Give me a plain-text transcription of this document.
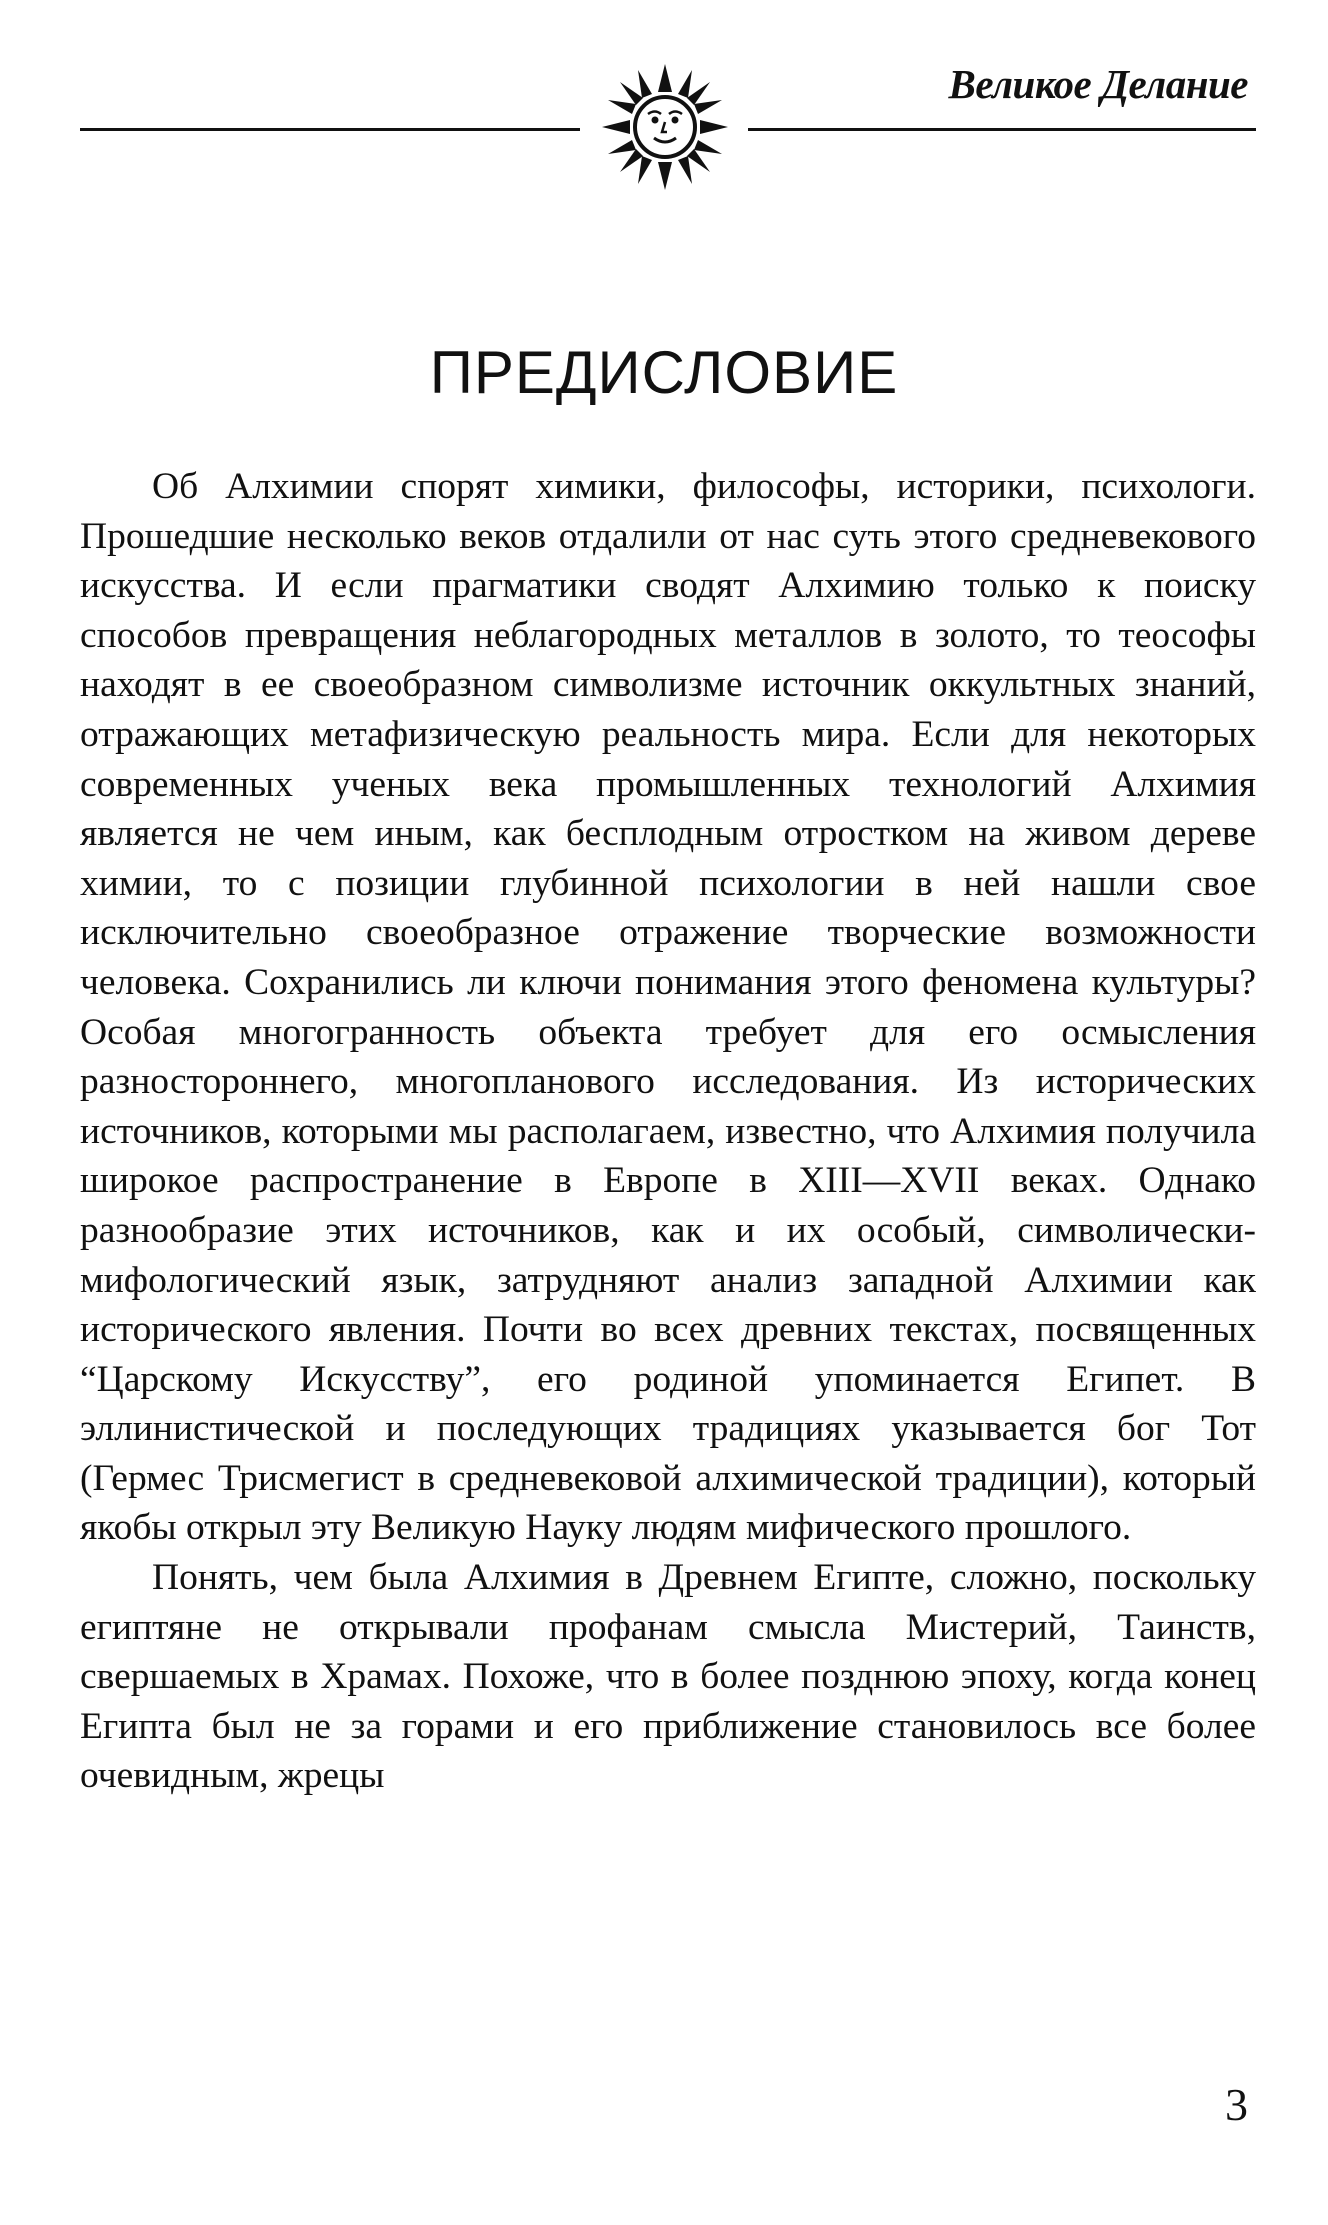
Великое Делание
ПРЕДИСЛОВИЕ

Об Алхимии спорят химики, философы, историки, психологи. Прошедшие несколько веков отдалили от нас суть этого средневекового искусства. И если прагматики сводят Алхимию только к поиску способов превращения неблагородных металлов в золото, то теософы находят в ее своеобразном символизме источник оккультных знаний, отражающих метафизическую реальность мира. Если для некоторых современных ученых века промышленных технологий Алхимия является не чем иным, как бесплодным отростком на живом дереве химии, то с позиции глубинной психологии в ней нашли свое исключительно своеобразное отражение творческие возможности человека. Сохранились ли ключи понимания этого феномена культуры? Особая многогранность объекта требует для его осмысления разностороннего, многопланового исследования. Из исторических источников, которыми мы располагаем, известно, что Алхимия получила широкое распространение в Европе в XIII—XVII веках. Однако разнообразие этих источников, как и их особый, символически-мифологический язык, затрудняют анализ западной Алхимии как исторического явления. Почти во всех древних текстах, посвященных “Царскому Искусству”, его родиной упоминается Египет. В эллинистической и последующих традициях указывается бог Тот (Гермес Трисмегист в средневековой алхимической традиции), который якобы открыл эту Великую Науку людям мифического прошлого.

Понять, чем была Алхимия в Древнем Египте, сложно, поскольку египтяне не открывали профанам смысла Мистерий, Таинств, свершаемых в Храмах. Похоже, что в более позднюю эпоху, когда конец Египта был не за горами и его приближение становилось все более очевидным, жрецы

3
